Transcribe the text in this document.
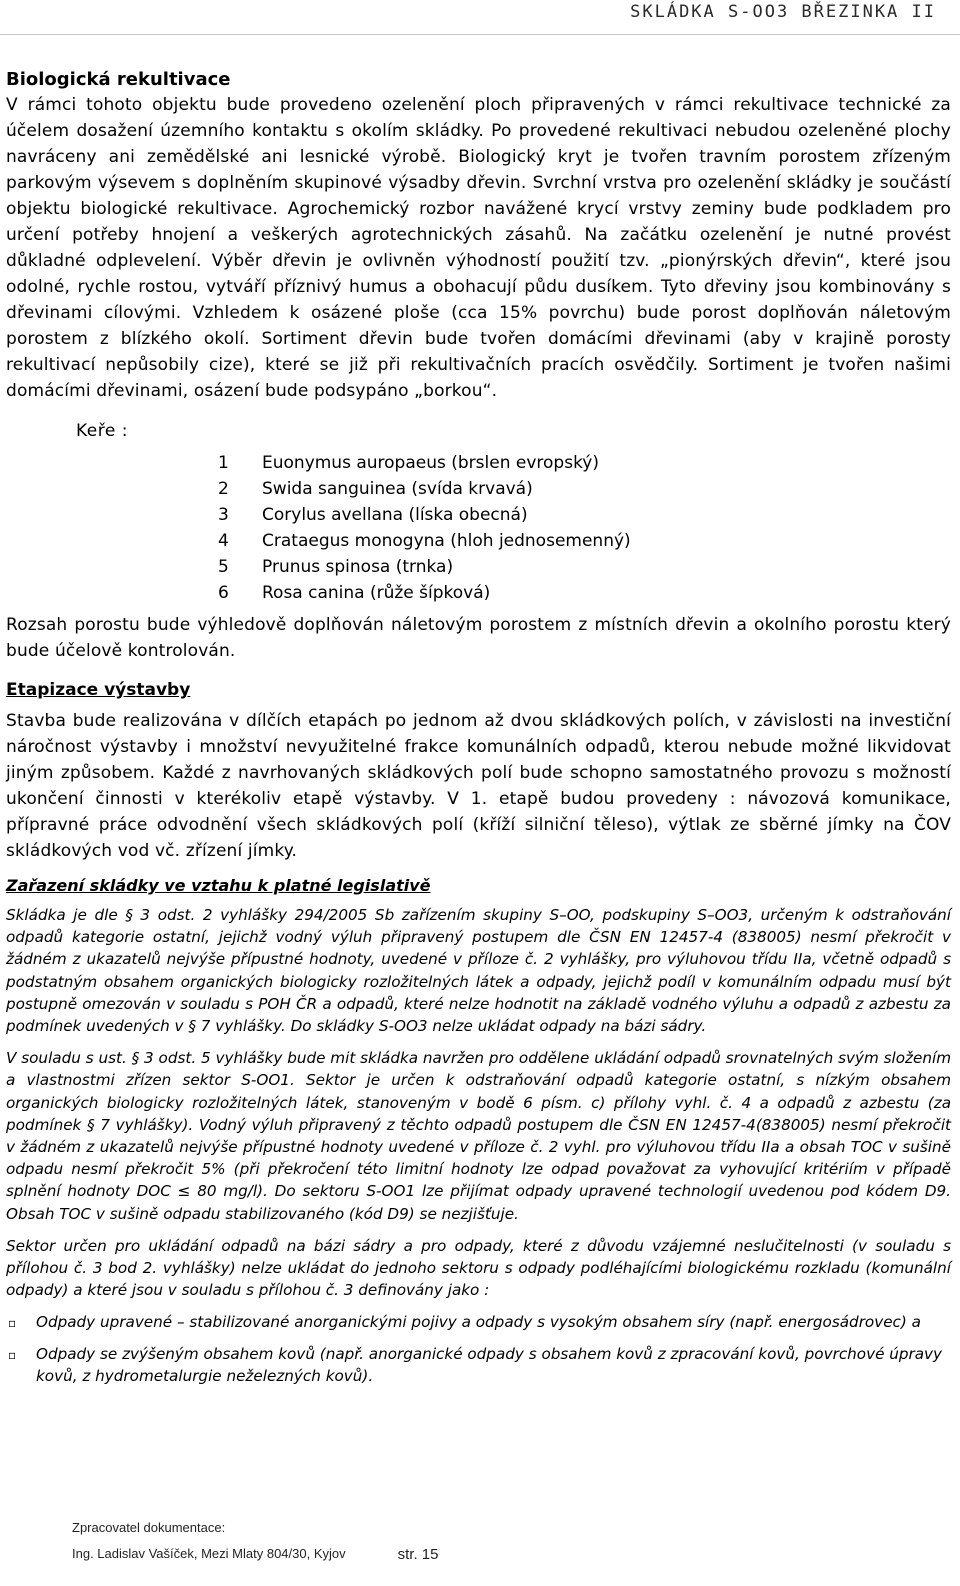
SKLÁDKA S-OO3 BŘEZINKA II
Biologická rekultivace

V rámci tohoto objektu bude provedeno ozelenění ploch připravených v rámci rekultivace technické za účelem dosažení územního kontaktu s okolím skládky. Po provedené rekultivaci nebudou ozeleněné plochy navráceny ani zemědělské ani lesnické výrobě. Biologický kryt je tvořen travním porostem zřízeným parkovým výsevem s doplněním skupinové výsadby dřevin. Svrchní vrstva pro ozelenění skládky je součástí objektu biologické rekultivace. Agrochemický rozbor navážené krycí vrstvy zeminy bude podkladem pro určení potřeby hnojení a veškerých agrotechnických zásahů. Na začátku ozelenění je nutné provést důkladné odplevelení. Výběr dřevin je ovlivněn výhodností použití tzv. „pionýrských dřevin“, které jsou odolné, rychle rostou, vytváří příznivý humus a obohacují půdu dusíkem. Tyto dřeviny jsou kombinovány s dřevinami cílovými. Vzhledem k osázené ploše (cca 15% povrchu) bude porost doplňován náletovým porostem z blízkého okolí. Sortiment dřevin bude tvořen domácími dřevinami (aby v krajině porosty rekultivací nepůsobily cize), které se již při rekultivačních pracích osvědčily. Sortiment je tvořen našimi domácími dřevinami, osázení bude podsypáno „borkou“.

Keře :
1	Euonymus auropaeus (brslen evropský)
2	Swida sanguinea (svída krvavá)
3	Corylus avellana (líska obecná)
4	Crataegus monogyna (hloh jednosemenný)
5	Prunus spinosa (trnka)
6	Rosa canina (růže šípková)

Rozsah porostu bude výhledově doplňován náletovým porostem z místních dřevin a okolního porostu který bude účelově kontrolován.

Etapizace výstavby

Stavba bude realizována v dílčích etapách po jednom až dvou skládkových polích, v závislosti na investiční náročnost výstavby i množství nevyužitelné frakce komunálních odpadů, kterou nebude možné likvidovat jiným způsobem. Každé z navrhovaných skládkových polí bude schopno samostatného provozu s možností ukončení činnosti v kterékoliv etapě výstavby. V 1. etapě budou provedeny : návozová komunikace, přípravné práce odvodnění všech skládkových polí (kříží silniční těleso), výtlak ze sběrné jímky na ČOV skládkových vod vč. zřízení jímky.

Zařazení skládky ve vztahu k platné legislativě

Skládka je dle § 3 odst. 2 vyhlášky 294/2005 Sb zařízením skupiny S–OO, podskupiny S–OO3, určeným k odstraňování odpadů kategorie ostatní, jejichž vodný výluh připravený postupem dle ČSN EN 12457-4 (838005) nesmí překročit v žádném z ukazatelů nejvýše přípustné hodnoty, uvedené v příloze č. 2 vyhlášky, pro výluhovou třídu IIa, včetně odpadů s podstatným obsahem organických biologicky rozložitelných látek a odpady, jejichž podíl v komunálním odpadu musí být postupně omezován v souladu s POH ČR a odpadů, které nelze hodnotit na základě vodného výluhu a odpadů z azbestu za podmínek uvedených v § 7 vyhlášky. Do skládky S-OO3 nelze ukládat odpady na bázi sádry.

V souladu s ust. § 3 odst. 5 vyhlášky bude mit skládka navržen pro oddělene ukládání odpadů srovnatelných svým složením a vlastnostmi zřízen sektor S-OO1. Sektor je určen k odstraňování odpadů kategorie ostatní, s nízkým obsahem organických biologicky rozložitelných látek, stanoveným v bodě 6 písm. c) přílohy vyhl. č. 4 a odpadů z azbestu (za podmínek § 7 vyhlášky). Vodný výluh připravený z těchto odpadů postupem dle ČSN EN 12457-4(838005) nesmí překročit v žádném z ukazatelů nejvýše přípustné hodnoty uvedené v příloze č. 2 vyhl. pro výluhovou třídu IIa a obsah TOC v sušině odpadu nesmí překročit 5% (při překročení této limitní hodnoty lze odpad považovat za vyhovující kritériím v případě splnění hodnoty DOC ≤ 80 mg/l). Do sektoru S-OO1 lze přijímat odpady upravené technologií uvedenou pod kódem D9. Obsah TOC v sušině odpadu stabilizovaného (kód D9) se nezjišťuje.

Sektor určen pro ukládání odpadů na bázi sádry a pro odpady, které z důvodu vzájemné neslučitelnosti (v souladu s přílohou č. 3 bod 2. vyhlášky) nelze ukládat do jednoho sektoru s odpady podléhajícími biologickému rozkladu (komunální odpady) a které jsou v souladu s přílohou č. 3 definovány jako :

▫	Odpady upravené – stabilizované anorganickými pojivy a odpady s vysokým obsahem síry (např. energosádrovec) a
▫	Odpady se zvýšeným obsahem kovů (např. anorganické odpady s obsahem kovů z zpracování kovů, povrchové úpravy kovů, z hydrometalurgie neželezných kovů).
Zpracovatel dokumentace:
Ing. Ladislav Vašíček, Mezi Mlaty 804/30, Kyjov	str. 15
